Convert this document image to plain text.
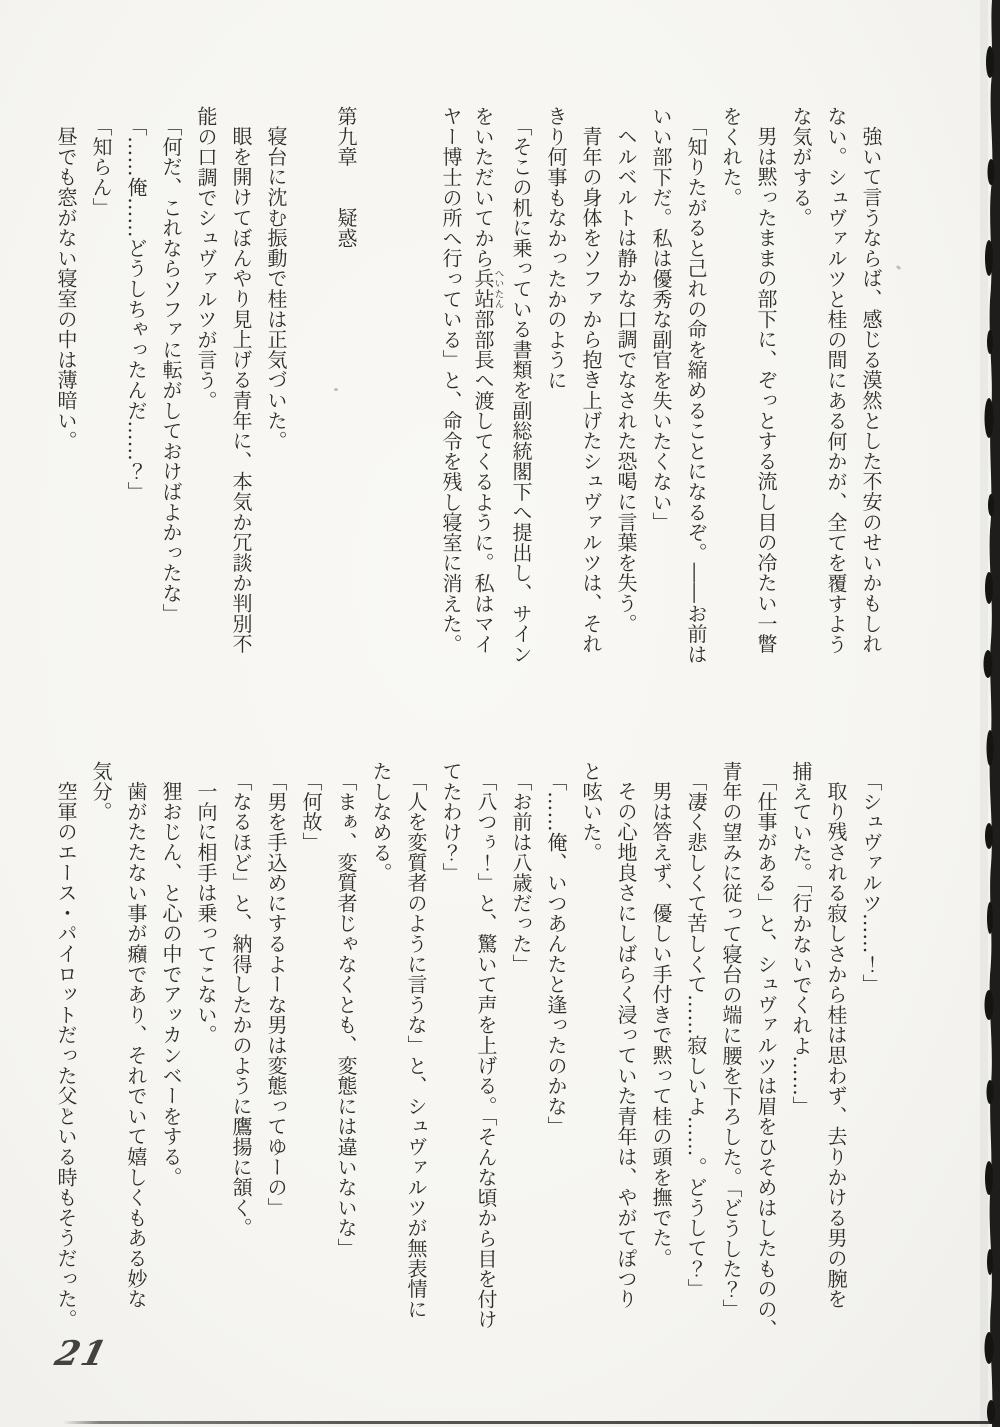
強いて言うならば、感じる漠然とした不安のせいかもしれ

ない。シュヴァルツと桂の間にある何かが、全てを覆すよう

な気がする。

男は黙ったままの部下に、ぞっとする流し目の冷たい一瞥

をくれた。

「知りたがると己れの命を縮めることになるぞ。――お前は

いい部下だ。私は優秀な副官を失いたくない」

ヘルベルトは静かな口調でなされた恐喝に言葉を失う。

青年の身体をソファから抱き上げたシュヴァルツは、それ

きり何事もなかったかのように

「そこの机に乗っている書類を副総統閣下へ提出し、サイン

をいただいてから兵站へいたん部部長へ渡してくるように。私はマイ

ヤー博士の所へ行っている」と、命令を残し寝室に消えた。

第九章　　疑惑

寝台に沈む振動で桂は正気づいた。

眼を開けてぼんやり見上げる青年に、本気か冗談か判別不

能の口調でシュヴァルツが言う。

「何だ、これならソファに転がしておけばよかったな」

「……俺……どうしちゃったんだ……？」

「知らん」

昼でも窓がない寝室の中は薄暗い。

「シュヴァルツ……！」

取り残される寂しさから桂は思わず、去りかける男の腕を

捕えていた。「行かないでくれよ……」

「仕事がある」と、シュヴァルツは眉をひそめはしたものの、

青年の望みに従って寝台の端に腰を下ろした。「どうした？」

「凄く悲しくて苦しくて……寂しいよ……。どうして？」

男は答えず、優しい手付きで黙って桂の頭を撫でた。

その心地良さにしばらく浸っていた青年は、やがてぽつり

と呟いた。

「……俺、いつあんたと逢ったのかな」

「お前は八歳だった」

「八つぅ！」と、驚いて声を上げる。「そんな頃から目を付け

てたわけ？」

「人を変質者のように言うな」と、シュヴァルツが無表情に

たしなめる。

「まぁ、変質者じゃなくとも、変態には違いないな」

「何故」

「男を手込めにするよーな男は変態ってゆーの」

「なるほど」と、納得したかのように鷹揚に頷く。

一向に相手は乗ってこない。

狸おじん、と心の中でアッカンベーをする。

歯がたたない事が癪であり、それでいて嬉しくもある妙な

気分。

空軍のエース・パイロットだった父といる時もそうだった。

21
